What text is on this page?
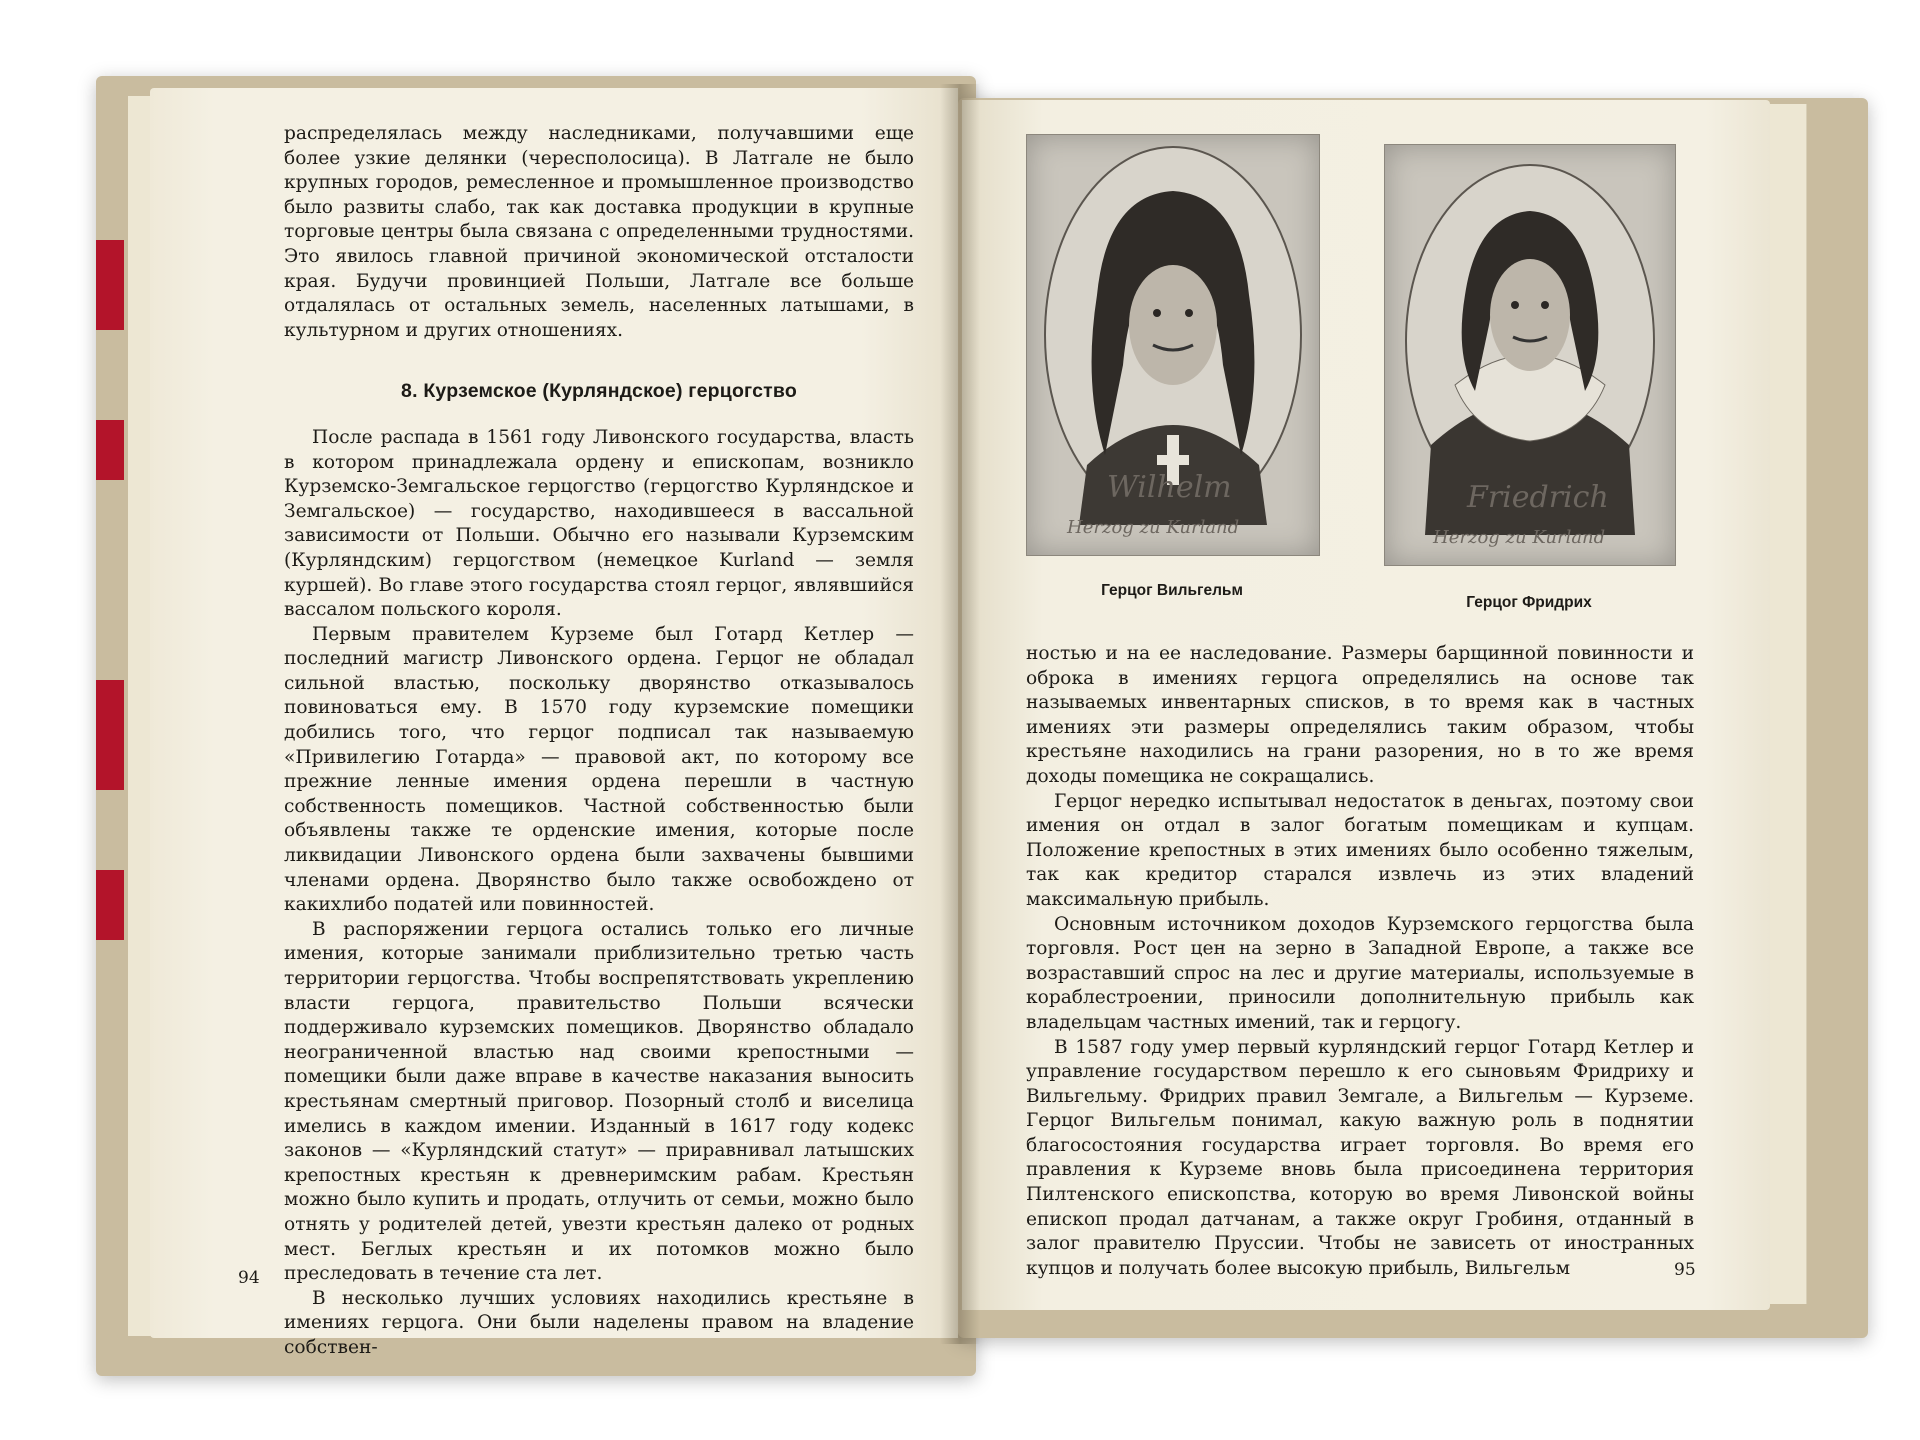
распределялась между наследниками, получавшими еще более узкие делянки (чересполосица). В Латгале не было крупных городов, ремесленное и промышленное производство было развиты слабо, так как доставка продукции в крупные торговые центры была связана с определенными трудностями. Это явилось главной причиной экономической отсталости края. Будучи провинцией Польши, Латгале все больше отдалялась от остальных земель, населенных латышами, в культурном и других отношениях.

8. Курземское (Курляндское) герцогство

После распада в 1561 году Ливонского государства, власть в котором принадлежала ордену и епископам, возникло Курземско-Земгальское герцогство (герцогство Курляндское и Земгальское) — государство, находившееся в вассальной зависимости от Польши. Обычно его называли Курземским (Курляндским) герцогством (немецкое Kurland — земля куршей). Во главе этого государства стоял герцог, являвшийся вассалом польского короля.

Первым правителем Курземе был Готард Кетлер — последний магистр Ливонского ордена. Герцог не обладал сильной властью, поскольку дворянство отказывалось повиноваться ему. В 1570 году курземские помещики добились того, что герцог подписал так называемую «Привилегию Готарда» — правовой акт, по которому все прежние ленные имения ордена перешли в частную собственность помещиков. Частной собственностью были объявлены также те орденские имения, которые после ликвидации Ливонского ордена были захвачены бывшими членами ордена. Дворянство было также освобождено от какихлибо податей или повинностей.

В распоряжении герцога остались только его личные имения, которые занимали приблизительно третью часть территории герцогства. Чтобы воспрепятствовать укреплению власти герцога, правительство Польши всячески поддерживало курземских помещиков. Дворянство обладало неограниченной властью над своими крепостными — помещики были даже вправе в качестве наказания выносить крестьянам смертный приговор. Позорный столб и виселица имелись в каждом имении. Изданный в 1617 году кодекс законов — «Курляндский статут» — приравнивал латышских крепостных крестьян к древнеримским рабам. Крестьян можно было купить и продать, отлучить от семьи, можно было отнять у родителей детей, увезти крестьян далеко от родных мест. Беглых крестьян и их потомков можно было преследовать в течение ста лет.

В несколько лучших условиях находились крестьяне в имениях герцога. Они были наделены правом на владение собствен-

94
Wilhelm
Herzog zu Kurland
Friedrich
Herzog zu Kurland
Герцог Вильгельм
Герцог Фридрих

ностью и на ее наследование. Размеры барщинной повинности и оброка в имениях герцога определялись на основе так называемых инвентарных списков, в то время как в частных имениях эти размеры определялись таким образом, чтобы крестьяне находились на грани разорения, но в то же время доходы помещика не сокращались.

Герцог нередко испытывал недостаток в деньгах, поэтому свои имения он отдал в залог богатым помещикам и купцам. Положение крепостных в этих имениях было особенно тяжелым, так как кредитор старался извлечь из этих владений максимальную прибыль.

Основным источником доходов Курземского герцогства была торговля. Рост цен на зерно в Западной Европе, а также все возраставший спрос на лес и другие материалы, используемые в кораблестроении, приносили дополнительную прибыль как владельцам частных имений, так и герцогу.

В 1587 году умер первый курляндский герцог Готард Кетлер и управление государством перешло к его сыновьям Фридриху и Вильгельму. Фридрих правил Земгале, а Вильгельм — Курземе. Герцог Вильгельм понимал, какую важную роль в поднятии благосостояния государства играет торговля. Во время его правления к Курземе вновь была присоединена территория Пилтенского епископства, которую во время Ливонской войны епископ продал датчанам, а также округ Гробиня, отданный в залог правителю Пруссии. Чтобы не зависеть от иностранных купцов и получать более высокую прибыль, Вильгельм	95
